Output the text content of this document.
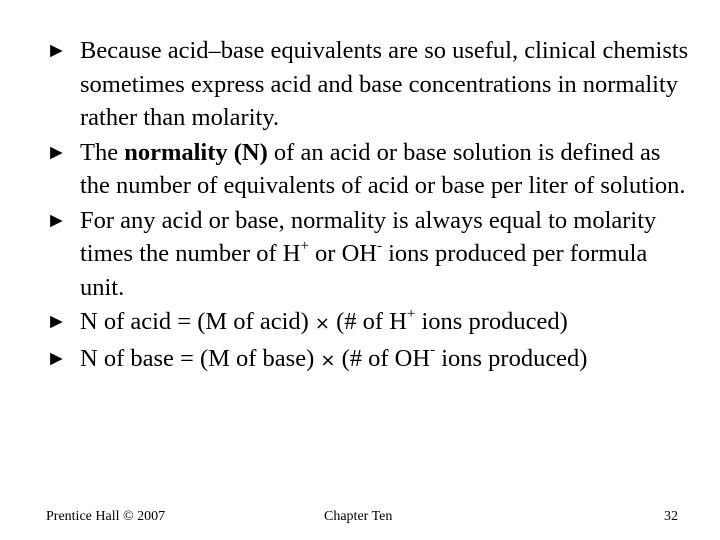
► Because acid–base equivalents are so useful, clinical chemists sometimes express acid and base concentrations in normality rather than molarity.
► The normality (N) of an acid or base solution is defined as the number of equivalents of acid or base per liter of solution.
► For any acid or base, normality is always equal to molarity times the number of H+ or OH- ions produced per formula unit.
► N of acid = (M of acid) × (# of H+ ions produced)
► N of base = (M of base) × (# of OH- ions produced)
Prentice Hall © 2007	Chapter Ten	32
